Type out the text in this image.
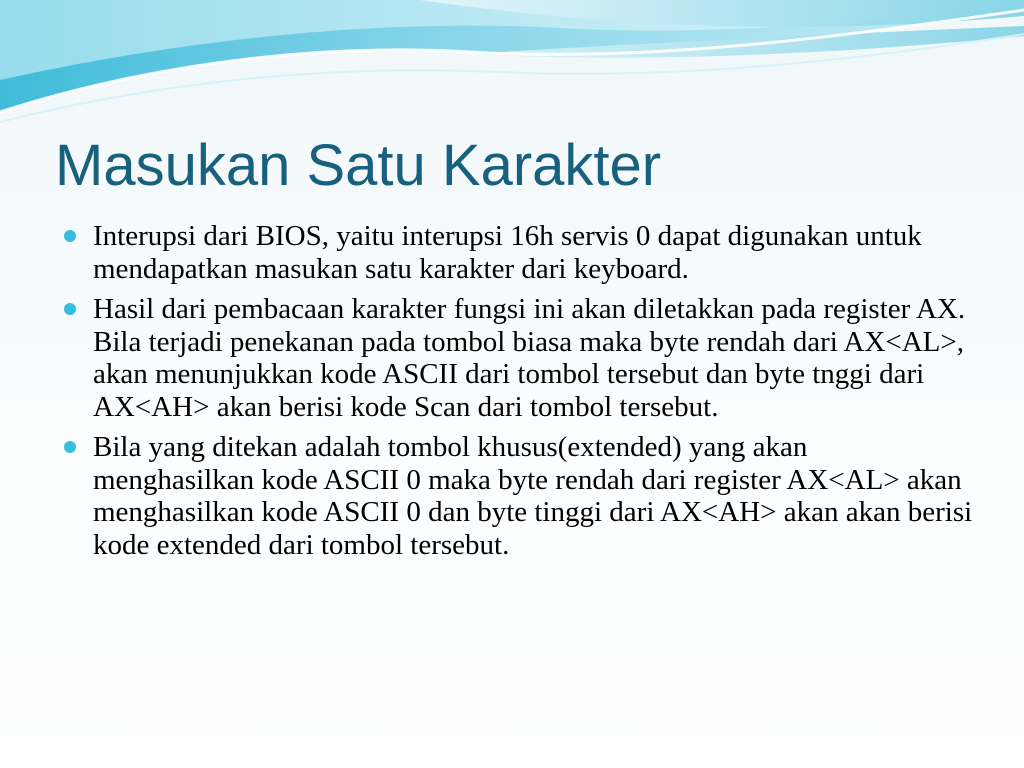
Masukan Satu Karakter
Interupsi dari BIOS, yaitu interupsi 16h servis 0 dapat digunakan untuk mendapatkan masukan satu karakter dari keyboard.
Hasil dari pembacaan karakter fungsi ini akan diletakkan pada register AX. Bila terjadi penekanan pada tombol biasa maka byte rendah dari AX<AL>, akan menunjukkan kode ASCII dari tombol tersebut dan byte tnggi dari AX<AH> akan berisi kode Scan dari tombol tersebut.
Bila yang ditekan adalah tombol khusus(extended) yang akan menghasilkan kode ASCII 0 maka byte rendah dari register AX<AL> akan menghasilkan kode ASCII 0 dan byte tinggi dari AX<AH> akan akan berisi kode extended dari tombol tersebut.
